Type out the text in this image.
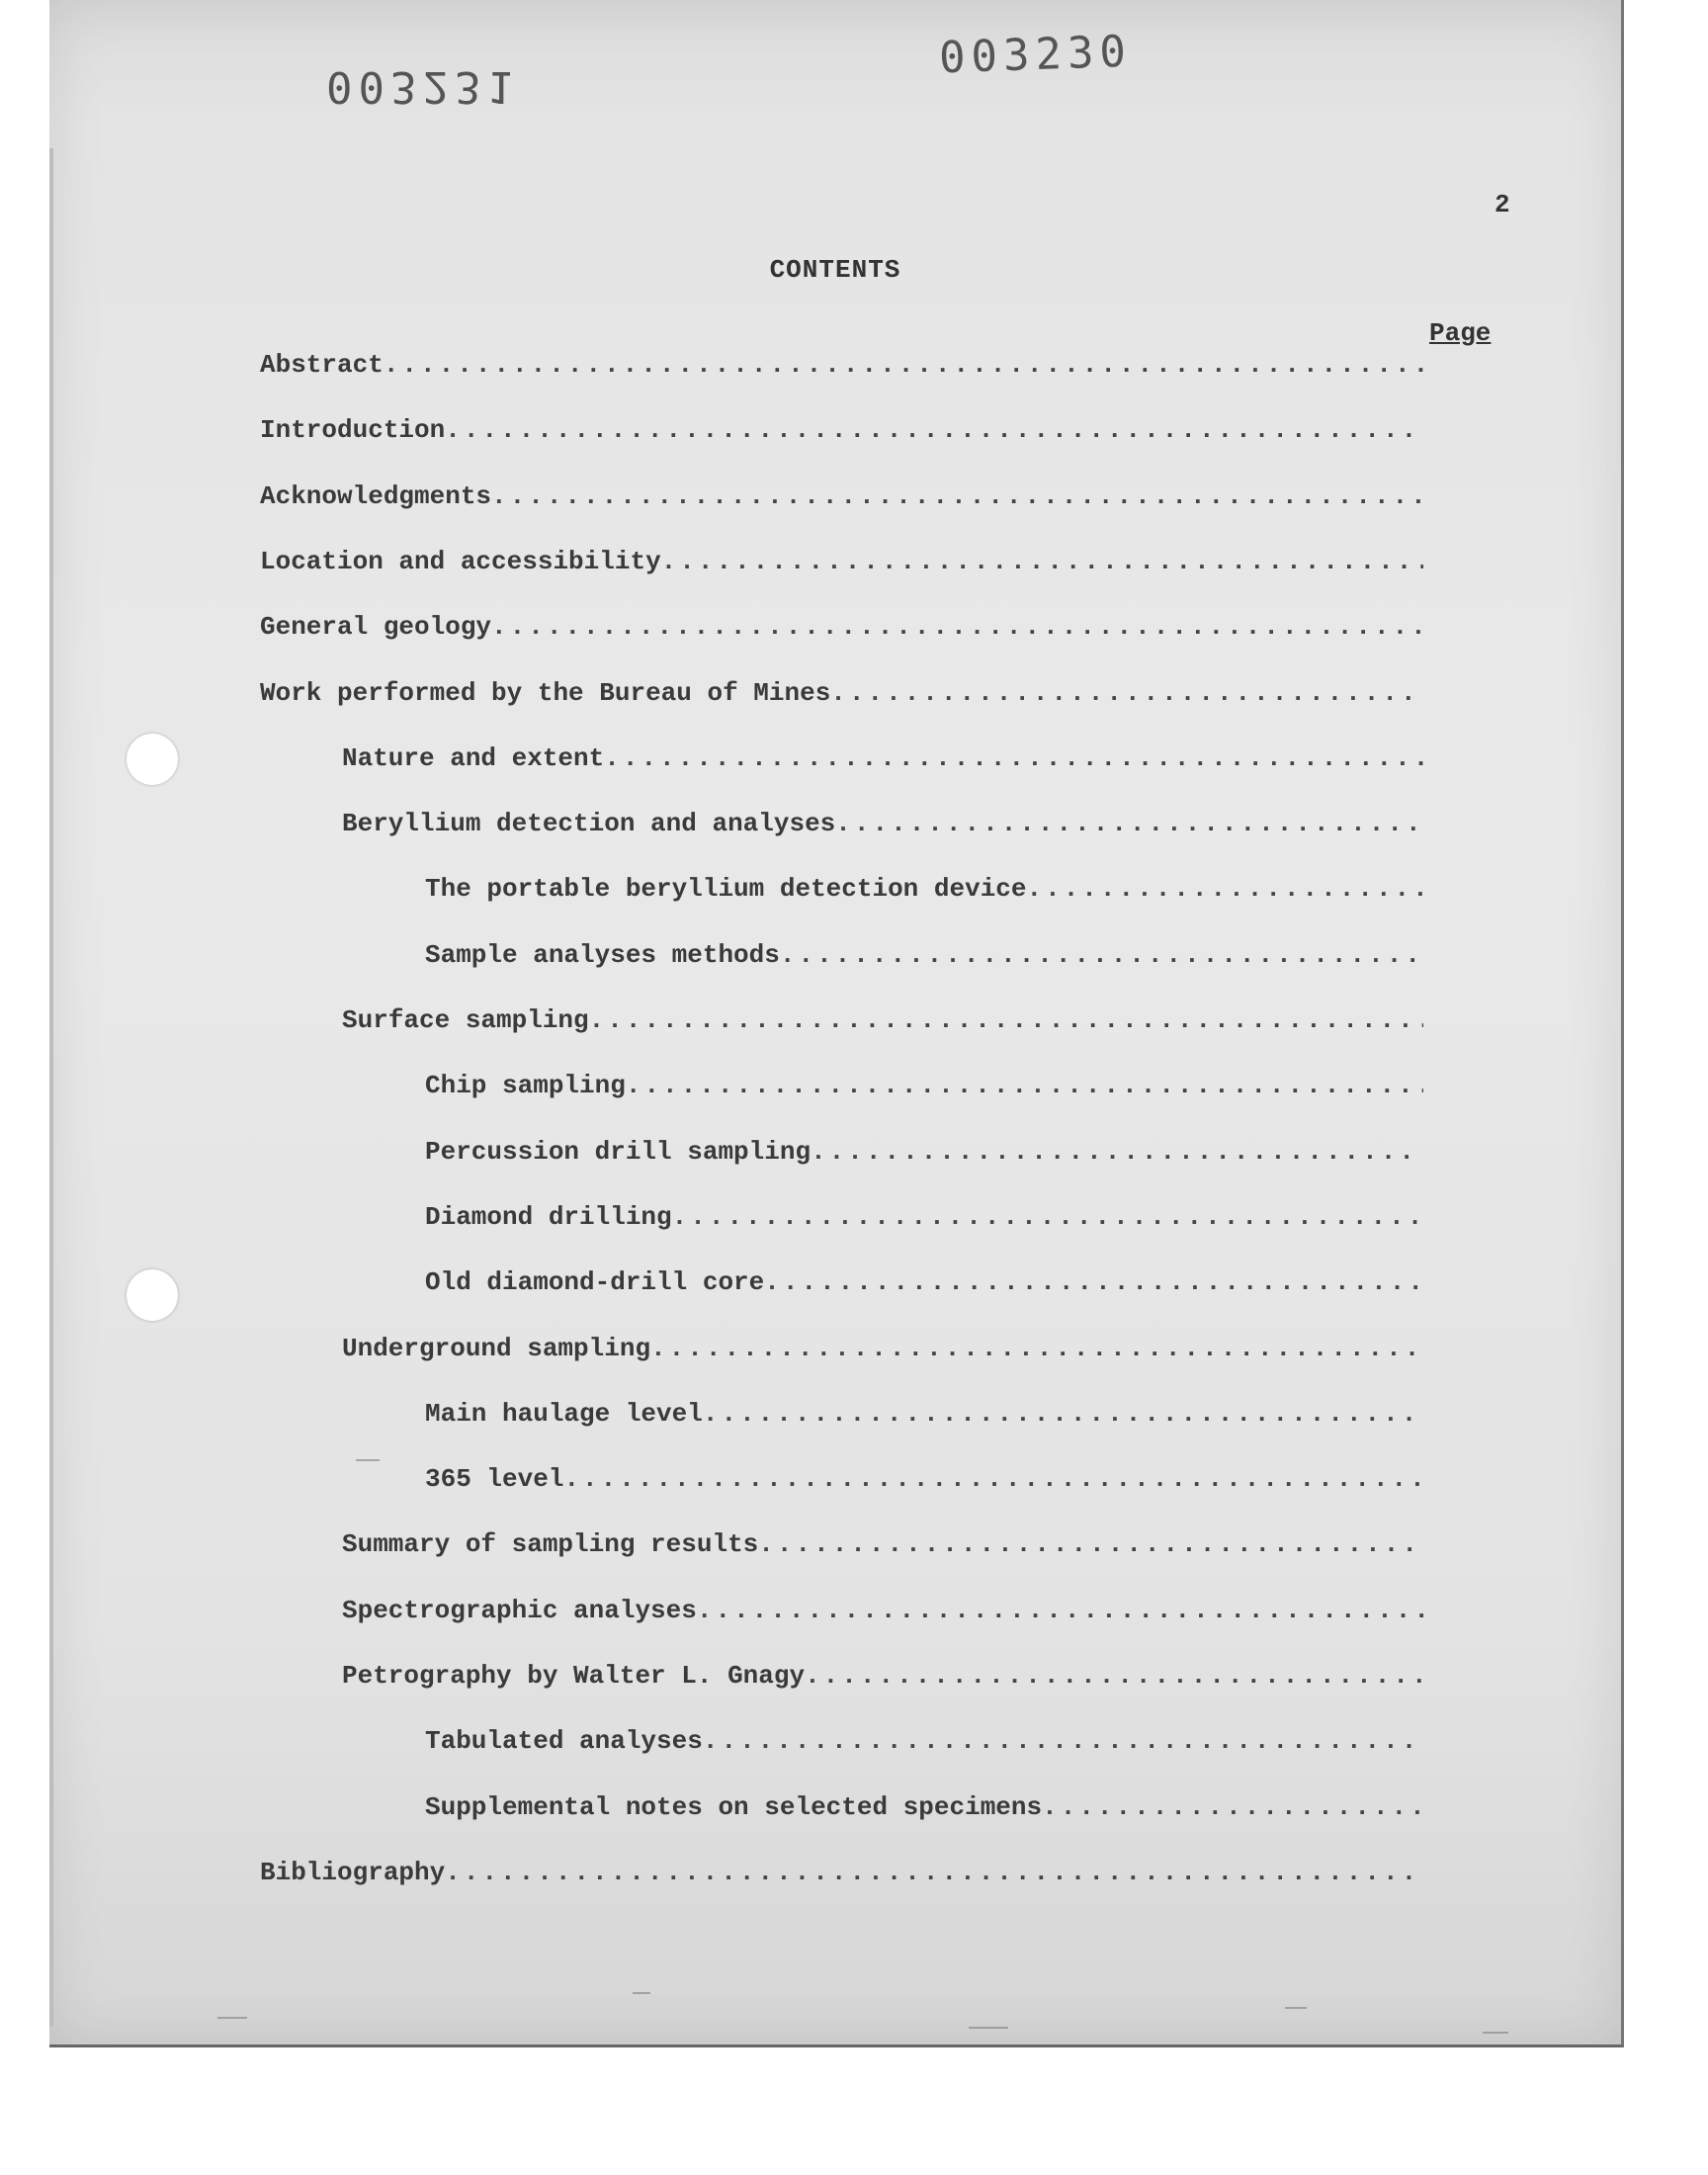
003231
003230
2
CONTENTS
Page
Abstract
.....
Introduction
.....
Acknowledgments
.....
Location and accessibility
.....
General geology
.....
Work performed by the Bureau of Mines
.....
Nature and extent
.....
Beryllium detection and analyses
.....
The portable beryllium detection device
.....
Sample analyses methods
.....
Surface sampling
.....
Chip sampling
.....
Percussion drill sampling
.....
Diamond drilling
.....
Old diamond-drill core
.....
Underground sampling
.....
Main haulage level
.....
365 level
.....
Summary of sampling results
.....
Spectrographic analyses
.....
Petrography by Walter L. Gnagy
.....
Tabulated analyses
.....
Supplemental notes on selected specimens
.....
Bibliography
.....
